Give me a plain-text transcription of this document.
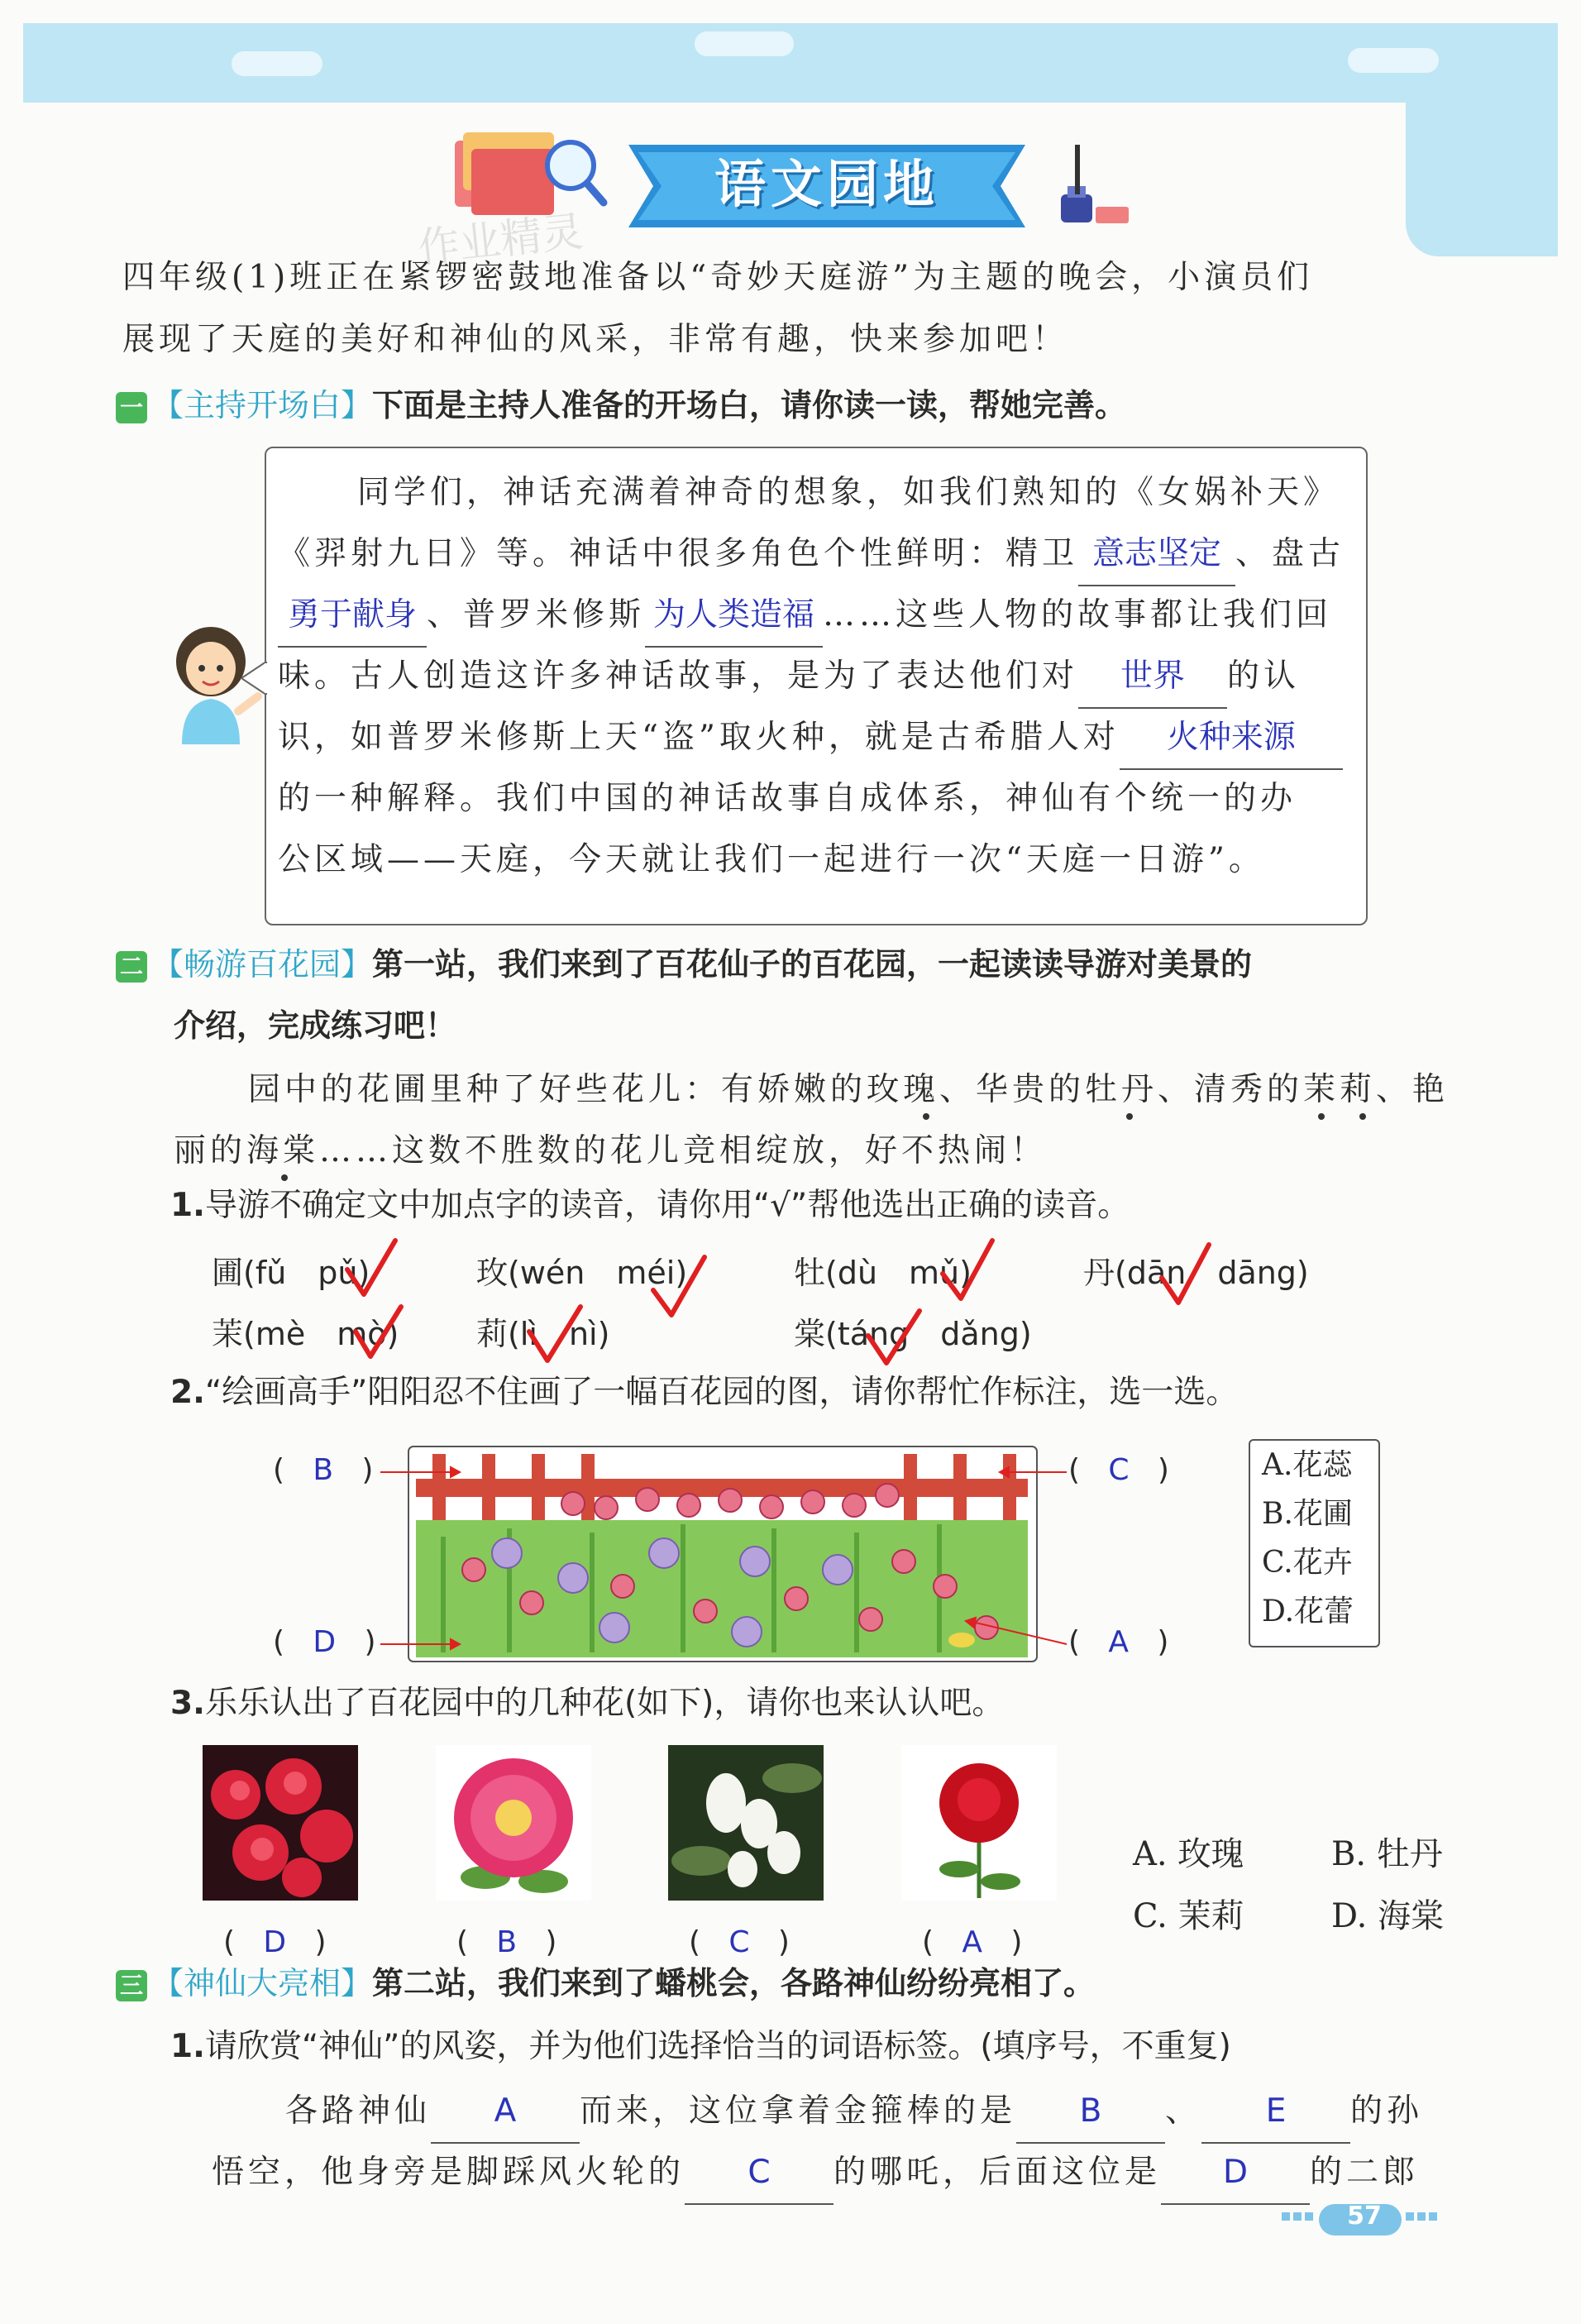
语文园地
作业精灵
四年级(1)班正在紧锣密鼓地准备以“奇妙天庭游”为主题的晚会，小演员们
展现了天庭的美好和神仙的风采，非常有趣，快来参加吧！
一 【主持开场白】下面是主持人准备的开场白，请你读一读，帮她完善。
同学们，神话充满着神奇的想象，如我们熟知的《女娲补天》
《羿射九日》等。神话中很多角色个性鲜明：精卫 意志坚定 、盘古
勇于献身 、普罗米修斯 为人类造福 ……这些人物的故事都让我们回
味。古人创造这许多神话故事，是为了表达他们对 世界 的认
识，如普罗米修斯上天“盗”取火种，就是古希腊人对 火种来源
的一种解释。我们中国的神话故事自成体系，神仙有个统一的办
公区域——天庭，今天就让我们一起进行一次“天庭一日游”。
二 【畅游百花园】第一站，我们来到了百花仙子的百花园，一起读读导游对美景的
介绍，完成练习吧！
园中的花圃里种了好些花儿：有娇嫩的玫瑰、华贵的牡丹、清秀的茉莉、艳
丽的海棠……这数不胜数的花儿竞相绽放，好不热闹！
1.导游不确定文中加点字的读音，请你用“√”帮他选出正确的读音。
圃(fǔ　pǔ)	玫(wén　méi)	牡(dù　mǔ)	丹(dān　dāng)
茉(mè　mò) 莉(lì　nì)	棠(táng　dǎng)
2.“绘画高手”阳阳忍不住画了一幅百花园的图，请你帮忙作标注，选一选。
(   B   )	(   C   )
(   D   )	(   A   )
A.花蕊
B.花圃
C.花卉
D.花蕾
3.乐乐认出了百花园中的几种花(如下)，请你也来认认吧。
(   D   )	(   B   )	(   C   )	(   A   )
A. 玫瑰	B. 牡丹
C. 茉莉	D. 海棠
三 【神仙大亮相】第二站，我们来到了蟠桃会，各路神仙纷纷亮相了。
1.请欣赏“神仙”的风姿，并为他们选择恰当的词语标签。(填序号，不重复)
各路神仙 A 而来，这位拿着金箍棒的是 B 、 E 的孙
悟空，他身旁是脚踩风火轮的 C 的哪吒，后面这位是 D 的二郎
57
